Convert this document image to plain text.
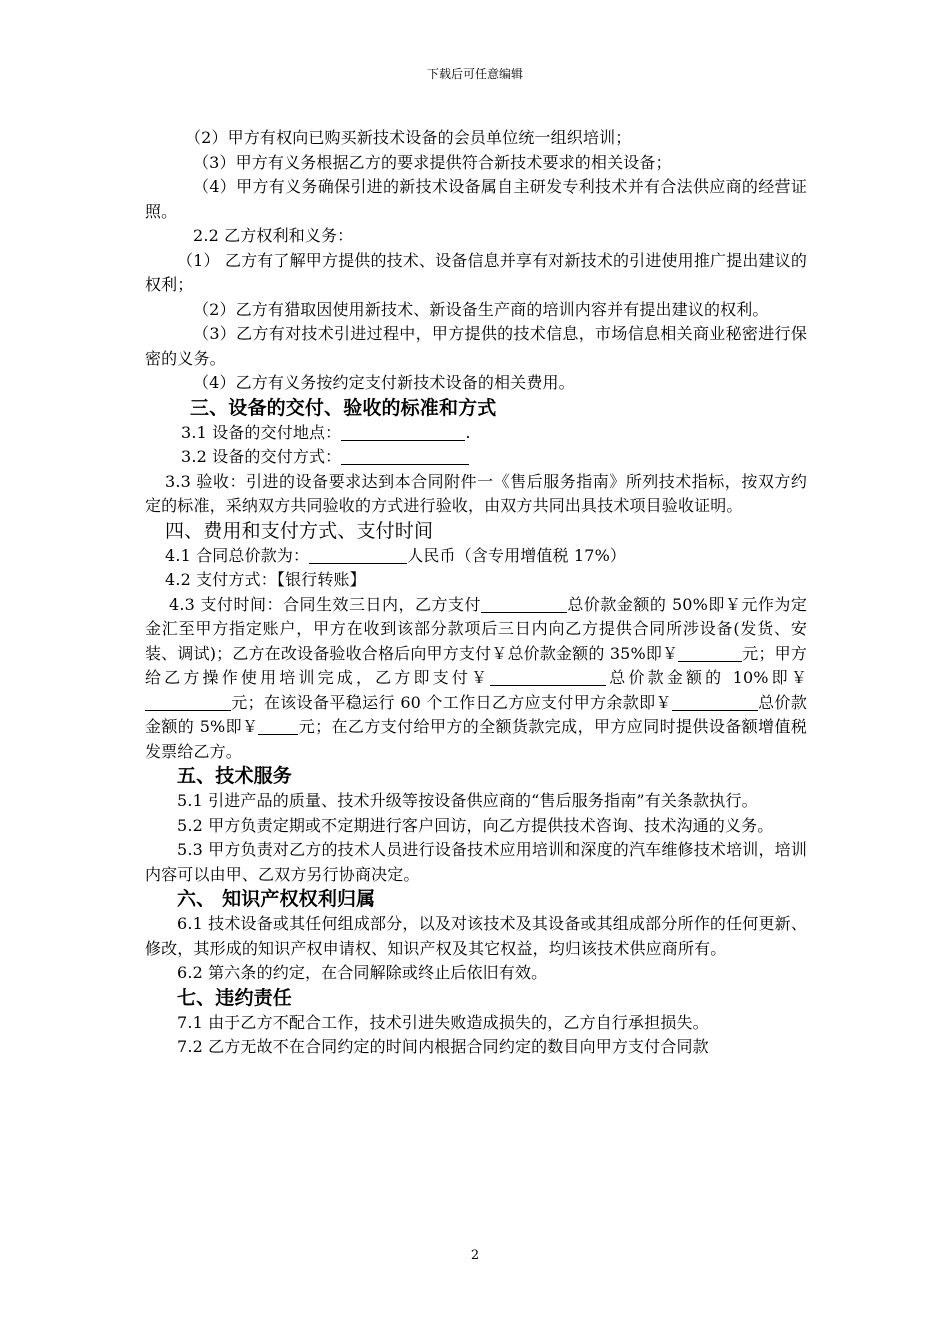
下载后可任意编辑

（2）甲方有权向已购买新技术设备的会员单位统一组织培训；

（3）甲方有义务根据乙方的要求提供符合新技术要求的相关设备；

（4）甲方有义务确保引进的新技术设备属自主研发专利技术并有合法供应商的经营证照。

2.2 乙方权利和义务：

（1） 乙方有了解甲方提供的技术、设备信息并享有对新技术的引进使用推广提出建议的权利；

（2）乙方有猎取因使用新技术、新设备生产商的培训内容并有提出建议的权利。

（3）乙方有对技术引进过程中，甲方提供的技术信息，市场信息相关商业秘密进行保密的义务。

（4）乙方有义务按约定支付新技术设备的相关费用。

三、设备的交付、验收的标准和方式

3.1 设备的交付地点：	.

3.2 设备的交付方式：

3.3 验收：引进的设备要求达到本合同附件一《售后服务指南》所列技术指标，按双方约定的标准，采纳双方共同验收的方式进行验收，由双方共同出具技术项目验收证明。

四、费用和支付方式、支付时间

4.1 合同总价款为：	人民币（含专用增值税 17%）

4.2 支付方式：【银行转账】

4.3 支付时间：合同生效三日内，乙方支付	总价款金额的 50%即￥元作为定金汇至甲方指定账户，甲方在收到该部分款项后三日内向乙方提供合同所涉设备(发货、安装、调试)；乙方在改设备验收合格后向甲方支付￥总价款金额的 35%即￥	元；甲方给乙方操作使用培训完成，乙方即支付￥	总价款金额的 10%即￥元；在该设备平稳运行 60 个工作日乙方应支付甲方余款即￥	总价款金额的 5%即￥	元；在乙方支付给甲方的全额货款完成，甲方应同时提供设备额增值税发票给乙方。

五、技术服务

5.1 引进产品的质量、技术升级等按设备供应商的“售后服务指南”有关条款执行。

5.2 甲方负责定期或不定期进行客户回访，向乙方提供技术咨询、技术沟通的义务。

5.3 甲方负责对乙方的技术人员进行设备技术应用培训和深度的汽车维修技术培训，培训内容可以由甲、乙双方另行协商决定。

六、 知识产权权利归属

6.1 技术设备或其任何组成部分，以及对该技术及其设备或其组成部分所作的任何更新、修改，其形成的知识产权申请权、知识产权及其它权益，均归该技术供应商所有。

6.2 第六条的约定，在合同解除或终止后依旧有效。

七、违约责任

7.1 由于乙方不配合工作，技术引进失败造成损失的，乙方自行承担损失。

7.2 乙方无故不在合同约定的时间内根据合同约定的数目向甲方支付合同款

2
